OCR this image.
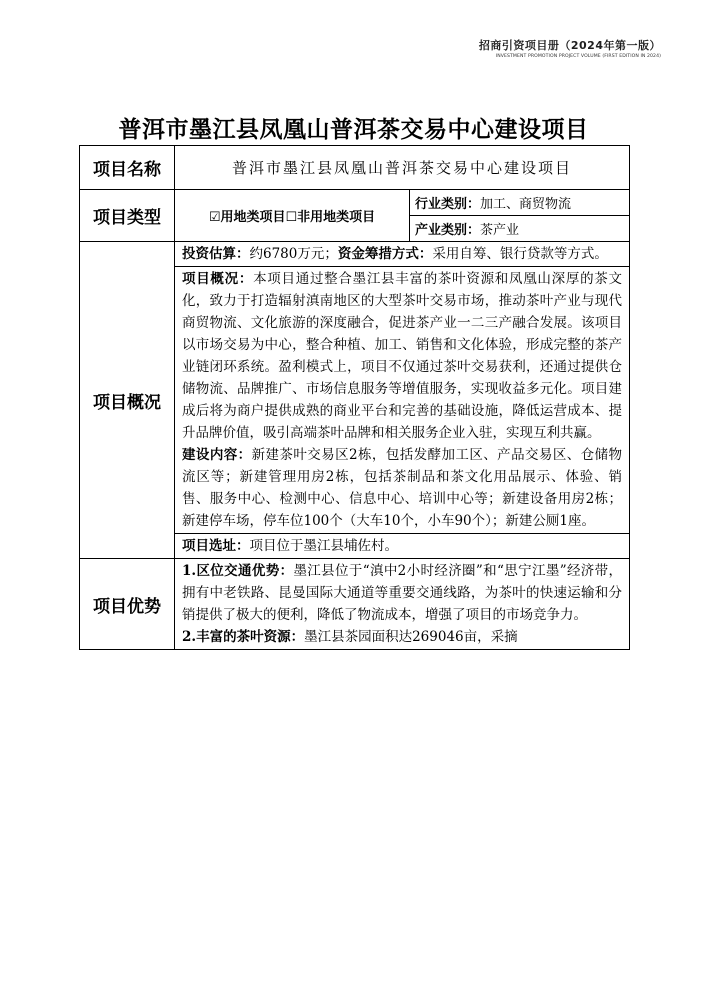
招商引资项目册（2024年第一版）
INVESTMENT PROMOTION PROJECT VOLUME (FIRST EDITION IN 2024)
普洱市墨江县凤凰山普洱茶交易中心建设项目
项目名称	普洱市墨江县凤凰山普洱茶交易中心建设项目	
项目类型	☑用地类项目☐非用地类项目	行业类别：加工、商贸物流
		产业类别：茶产业
项目概况	投资估算：约6780万元；资金筹措方式：采用自筹、银行贷款等方式。	

	项目概况：本项目通过整合墨江县丰富的茶叶资源和凤凰山深厚的茶文化，致力于打造辐射滇南地区的大型茶叶交易市场，推动茶叶产业与现代商贸物流、文化旅游的深度融合，促进茶产业一二三产融合发展。该项目以市场交易为中心，整合种植、加工、销售和文化体验，形成完整的茶产业链闭环系统。盈利模式上，项目不仅通过茶叶交易获利，还通过提供仓储物流、品牌推广、市场信息服务等增值服务，实现收益多元化。项目建成后将为商户提供成熟的商业平台和完善的基础设施，降低运营成本、提升品牌价值，吸引高端茶叶品牌和相关服务企业入驻，实现互利共赢。
建设内容：新建茶叶交易区2栋，包括发酵加工区、产品交易区、仓储物流区等；新建管理用房2栋，包括茶制品和茶文化用品展示、体验、销售、服务中心、检测中心、信息中心、培训中心等；新建设备用房2栋；新建停车场，停车位100个（大车10个，小车90个）；新建公厕1座。	

	项目选址：项目位于墨江县埔佐村。	
项目优势	1.区位交通优势：墨江县位于“滇中2小时经济圈”和“思宁江墨”经济带，拥有中老铁路、昆曼国际大通道等重要交通线路，为茶叶的快速运输和分销提供了极大的便利，降低了物流成本，增强了项目的市场竞争力。
2.丰富的茶叶资源：墨江县茶园面积达269046亩，采摘	
